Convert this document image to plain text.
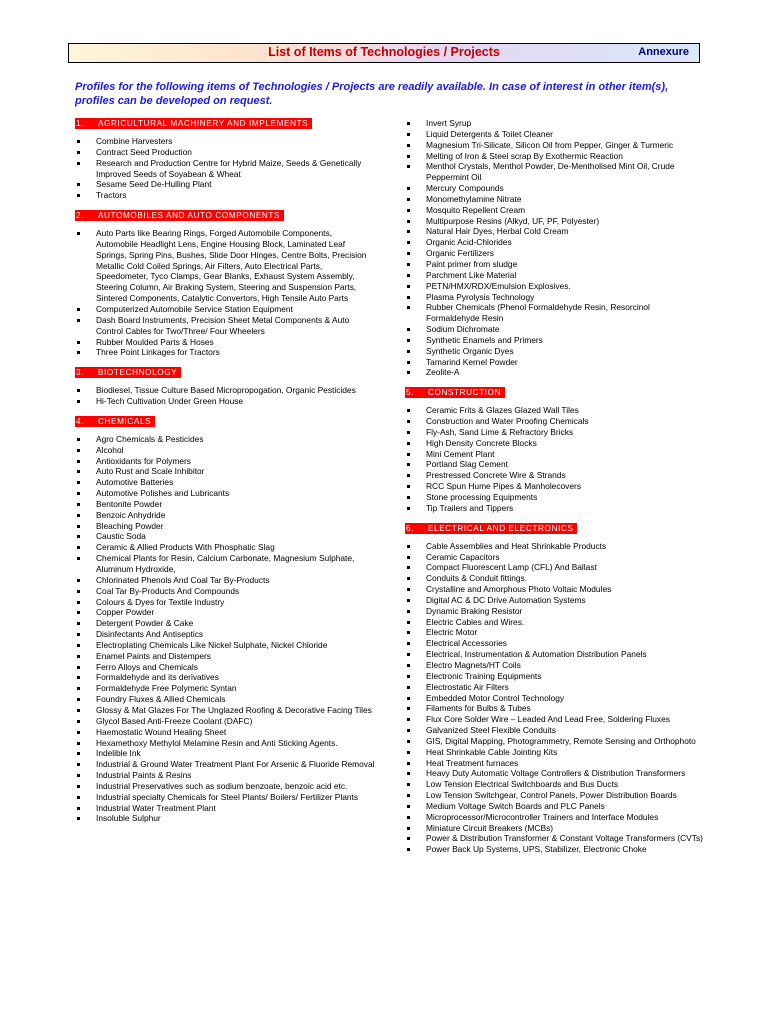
List of Items of Technologies / Projects	Annexure
Profiles for the following items of Technologies / Projects are readily available. In case of interest in other item(s), profiles can be developed on request.
1. AGRICULTURAL MACHINERY AND IMPLEMENTS
Combine Harvesters
Contract Seed Production
Research and Production Centre for Hybrid Maize, Seeds & Genetically Improved Seeds of Soyabean & Wheat
Sesame Seed De-Hulling Plant
Tractors
2. AUTOMOBILES AND AUTO COMPONENTS
Auto Parts like Bearing Rings, Forged Automobile Components, Automobile Headlight Lens, Engine Housing Block, Laminated Leaf Springs, Spring Pins, Bushes, Slide Door Hinges, Centre Bolts, Precision Metallic Cold Coiled Springs, Air Filters, Auto Electrical Parts, Speedometer, Tyco Clamps, Gear Blanks, Exhaust System Assembly, Steering Column, Air Braking System, Steering and Suspension Parts, Sintered Components, Catalytic Convertors, High Tensile Auto Parts
Computerized Automobile Service Station Equipment
Dash Board Instruments, Precision Sheet Metal Components & Auto Control Cables for Two/Three/ Four Wheelers
Rubber Moulded Parts & Hoses
Three Point Linkages for Tractors
3. BIOTECHNOLOGY
Biodiesel, Tissue Culture Based Micropropogation, Organic Pesticides
Hi-Tech Cultivation Under Green House
4. CHEMICALS
Agro Chemicals & Pesticides
Alcohol
Antioxidants for Polymers
Auto Rust and Scale Inhibitor
Automotive Batteries
Automotive Polishes and Lubricants
Bentonite Powder
Benzoic Anhydride
Bleaching Powder
Caustic Soda
Ceramic & Allied Products With Phosphatic Slag
Chemical Plants for Resin, Calcium Carbonate, Magnesium Sulphate, Aluminum Hydroxide,
Chlorinated Phenols And Coal Tar By-Products
Coal Tar By-Products And Compounds
Colours & Dyes for Textile Industry
Copper Powder
Detergent Powder & Cake
Disinfectants And Antiseptics
Electroplating Chemicals Like Nickel Sulphate, Nickel Chloride
Enamel Paints and Distempers
Ferro Alloys and Chemicals
Formaldehyde and its derivatives
Formaldehyde Free Polymeric Syntan
Foundry Fluxes & Allied Chemicals
Glossy & Mat Glazes For The Unglazed Roofing & Decorative Facing Tiles
Glycol Based Anti-Freeze Coolant (DAFC)
Haemostatic Wound Healing Sheet
Hexamethoxy Methylol Melamine Resin and Anti Sticking Agents.
Indelible Ink
Industrial & Ground Water Treatment Plant For Arsenic & Fluoride Removal
Industrial Paints & Resins
Industrial Preservatives such as sodium benzoate, benzoic acid etc.
Industrial specialty Chemicals for Steel Plants/ Boilers/ Fertilizer Plants
Industrial Water Treatment Plant
Insoluble Sulphur
Invert Syrup
Liquid Detergents & Toilet Cleaner
Magnesium Tri-Silicate, Silicon Oil from Pepper, Ginger & Turmeric
Melting of Iron & Steel scrap By Exothermic Reaction
Menthol Crystals, Menthol Powder, De-Mentholised Mint Oil, Crude Peppermint Oil
Mercury Compounds
Monomethylamine Nitrate
Mosquito Repellent Cream
Multipurpose Resins (Alkyd, UF, PF, Polyester)
Natural Hair Dyes, Herbal Cold Cream
Organic Acid-Chlorides
Organic Fertilizers
Paint primer from sludge
Parchment Like Material
PETN/HMX/RDX/Emulsion Explosives.
Plasma Pyrolysis Technology
Rubber Chemicals (Phenol Formaldehyde Resin, Resorcinol Formaldehyde Resin
Sodium Dichromate
Synthetic Enamels and Primers
Synthetic Organic Dyes
Tamarind Kernel Powder
Zeolite-A
5. CONSTRUCTION
Ceramic Frits & Glazes Glazed Wall Tiles
Construction and Water Proofing Chemicals
Fly-Ash, Sand Lime & Refractory Bricks
High Density Concrete Blocks
Mini Cement Plant
Portland Slag Cement
Prestressed Concrete Wire & Strands
RCC Spun Hume Pipes & Manholecovers
Stone processing Equipments
Tip Trailers and Tippers
6. ELECTRICAL AND ELECTRONICS
Cable Assemblies and Heat Shrinkable Products
Ceramic Capacitors
Compact Fluorescent Lamp (CFL) And Ballast
Conduits & Conduit fittings.
Crystalline and Amorphous Photo Voltaic Modules
Digital AC & DC Drive Automation Systems
Dynamic Braking Resistor
Electric Cables and Wires.
Electric Motor
Electrical Accessories
Electrical, Instrumentation & Automation Distribution Panels
Electro Magnets/HT Coils
Electronic Training Equipments
Electrostatic Air Filters
Embedded Motor Control Technology
Filaments for Bulbs & Tubes
Flux Core Solder Wire – Leaded And Lead Free, Soldering Fluxes
Galvanized Steel Flexible Conduits
GIS, Digital Mapping, Photogrammetry, Remote Sensing and Orthophoto
Heat Shrinkable Cable Jointing Kits
Heat Treatment furnaces
Heavy Duty Automatic Voltage Controllers & Distribution Transformers
Low Tension Electrical Switchboards and Bus Ducts
Low Tension Switchgear, Control Panels, Power Distribution Boards
Medium Voltage Switch Boards and PLC Panels
Microprocessor/Microcontroller Trainers and Interface Modules
Miniature Circuit Breakers (MCBs)
Power & Distribution Transformer & Constant Voltage Transformers (CVTs)
Power Back Up Systems, UPS, Stabilizer, Electronic Choke
